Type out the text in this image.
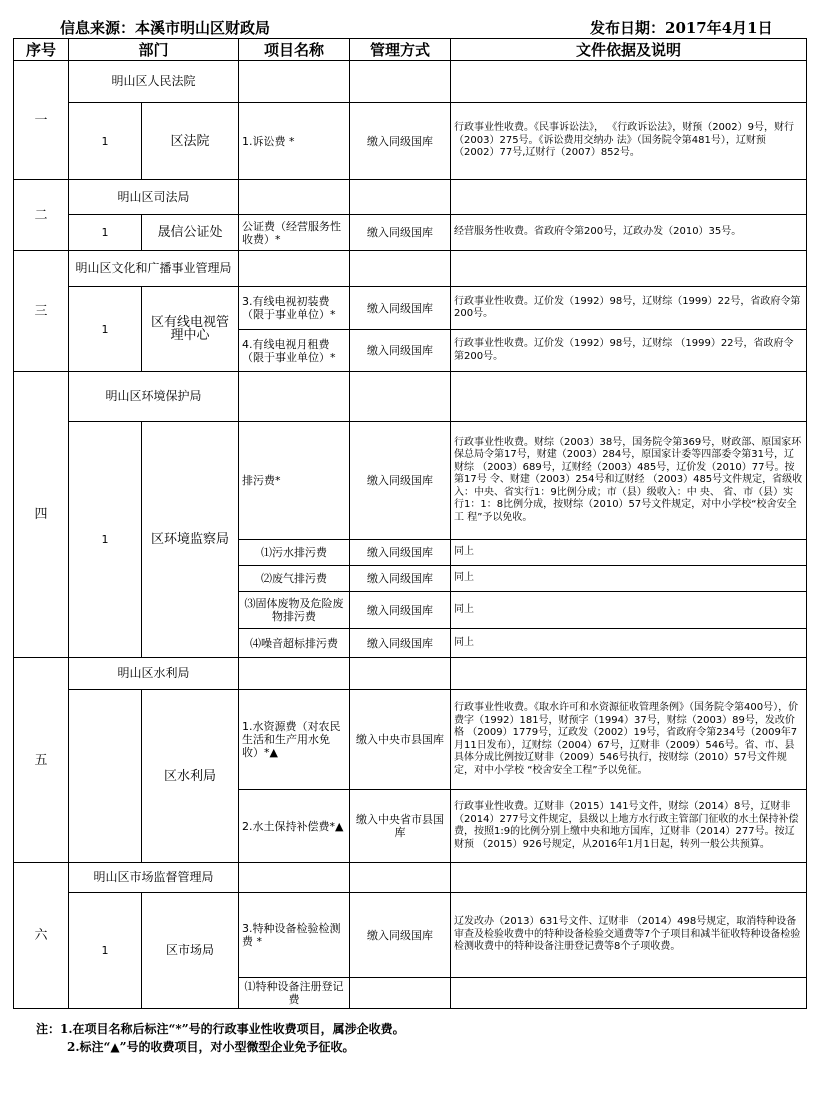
信息来源：本溪市明山区财政局	发布日期：2017年4月1日
序号	部门		项目名称	管理方式	文件依据及说明
一	明山区人民法院				
	1	区法院	1.诉讼费 *	缴入同级国库	行政事业性收费。《民事诉讼法》， 《行政诉讼法》，财预（2002）9号，财行（2003）275号。《诉讼费用交纳办 法》（国务院令第481号），辽财预 （2002）77号,辽财行（2007）852号。
二	明山区司法局				
	1	晟信公证处	公证费（经营服务性收费）*	缴入同级国库	经营服务性收费。省政府令第200号，辽政办发（2010）35号。
三	明山区文化和广播事业管理局				
	1	区有线电视管理中心	3.有线电视初装费（限于事业单位）*	缴入同级国库	行政事业性收费。辽价发（1992）98号，辽财综（1999）22号，省政府令第200号。
			4.有线电视月租费（限于事业单位）*	缴入同级国库	行政事业性收费。辽价发（1992）98号，辽财综 （1999）22号，省政府令第200号。
四	明山区环境保护局				
	1	区环境监察局	排污费*	缴入同级国库	行政事业性收费。财综（2003）38号，国务院令第369号，财政部、原国家环保总局令第17号，财建（2003）284号，原国家计委等四部委令第31号，辽财综 （2003）689号，辽财经（2003）485号，辽价发（2010）77号。按第17号 令、财建（2003）254号和辽财经 （2003）485号文件规定，省级收入：中央、省实行1：9比例分成；市（县）级收入：中 央、 省、市（县）实行1：1：8比例分成，按财综（2010）57号文件规定，对中小学校“校舍安全工 程”予以免收。
			⑴污水排污费	缴入同级国库	同上
			⑵废气排污费	缴入同级国库	同上
			⑶固体废物及危险废物排污费	缴入同级国库	同上
			⑷噪音超标排污费	缴入同级国库	同上
五	明山区水利局				
		区水利局	1.水资源费（对农民生活和生产用水免收）*▲	缴入中央市县国库	行政事业性收费。《取水许可和水资源征收管理条例》（国务院令第400号），价费字（1992）181号，财预字（1994）37号，财综（2003）89号，发改价格 （2009）1779号，辽政发（2002）19号，省政府令第234号（2009年7月11日发布），辽财综（2004）67号，辽财非（2009）546号。省、市、县具体分成比例按辽财非（2009）546号执行，按财综（2010）57号文件规定，对中小学校 “校舍安全工程”予以免征。
			2.水土保持补偿费*▲	缴入中央省市县国库	行政事业性收费。辽财非（2015）141号文件，财综（2014）8号，辽财非 （2014）277号文件规定，县级以上地方水行政主管部门征收的水土保持补偿费，按照1:9的比例分别上缴中央和地方国库，辽财非（2014）277号。按辽财预 （2015）926号规定，从2016年1月1日起，转列一般公共预算。
六	明山区市场监督管理局				
	1	区市场局	3.特种设备检验检测费 *	缴入同级国库	辽发改办（2013）631号文件、辽财非 （2014）498号规定，取消特种设备审查及检验收费中的特种设备检验交通费等7个子项目和减半征收特种设备检验检测收费中的特种设备注册登记费等8个子项收费。
			⑴特种设备注册登记费		
注：1.在项目名称后标注“*”号的行政事业性收费项目，属涉企收费。
2.标注“▲”号的收费项目，对小型微型企业免予征收。
